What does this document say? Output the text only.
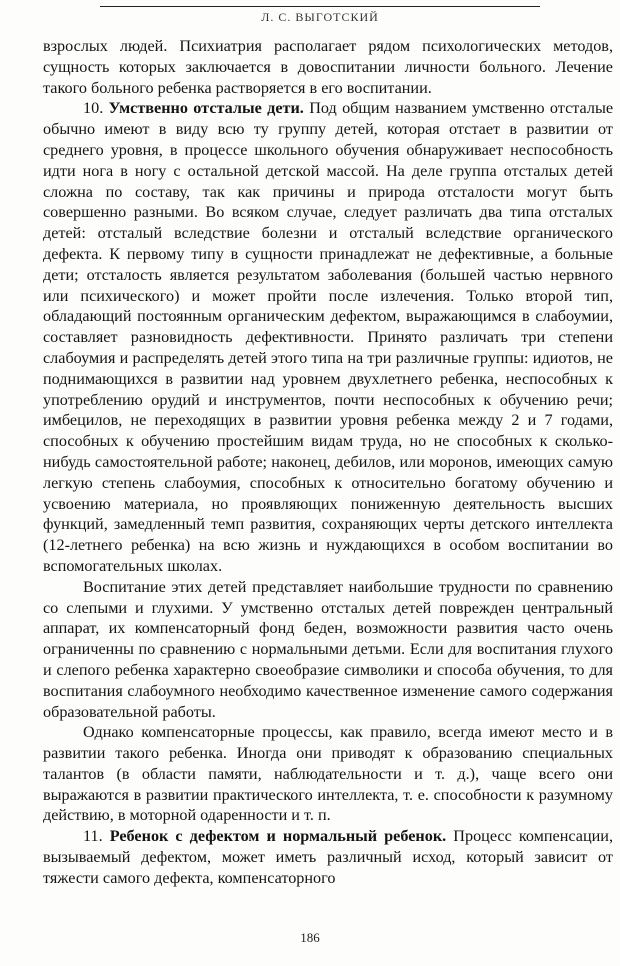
Л. С. ВЫГОТСКИЙ

взрослых людей. Психиатрия располагает рядом психологических методов, сущность которых заключается в довоспитании личности больного. Лечение такого больного ребенка растворяется в его воспитании.

10. Умственно отсталые дети. Под общим названием умственно отсталые обычно имеют в виду всю ту группу детей, которая отстает в развитии от среднего уровня, в процессе школьного обучения обнаруживает неспособность идти нога в ногу с остальной детской массой. На деле группа отсталых детей сложна по составу, так как причины и природа отсталости могут быть совершенно разными. Во всяком случае, следует различать два типа отсталых детей: отсталый вследствие болезни и отсталый вследствие органического дефекта. К первому типу в сущности принадлежат не дефективные, а больные дети; отсталость является результатом заболевания (большей частью нервного или психического) и может пройти после излечения. Только второй тип, обладающий постоянным органическим дефектом, выражающимся в слабоумии, составляет разновидность дефективности. Принято различать три степени слабоумия и распределять детей этого типа на три различные группы: идиотов, не поднимающихся в развитии над уровнем двухлетнего ребенка, неспособных к употреблению орудий и инструментов, почти неспособных к обучению речи; имбецилов, не переходящих в развитии уровня ребенка между 2 и 7 годами, способных к обучению простейшим видам труда, но не способных к сколько-нибудь самостоятельной работе; наконец, дебилов, или моронов, имеющих самую легкую степень слабоумия, способных к относительно богатому обучению и усвоению материала, но проявляющих пониженную деятельность высших функций, замедленный темп развития, сохраняющих черты детского интеллекта (12-летнего ребенка) на всю жизнь и нуждающихся в особом воспитании во вспомогательных школах.

Воспитание этих детей представляет наибольшие трудности по сравнению со слепыми и глухими. У умственно отсталых детей поврежден центральный аппарат, их компенсаторный фонд беден, возможности развития часто очень ограниченны по сравнению с нормальными детьми. Если для воспитания глухого и слепого ребенка характерно своеобразие символики и способа обучения, то для воспитания слабоумного необходимо качественное изменение самого содержания образовательной работы.

Однако компенсаторные процессы, как правило, всегда имеют место и в развитии такого ребенка. Иногда они приводят к образованию специальных талантов (в области памяти, наблюдательности и т. д.), чаще всего они выражаются в развитии практического интеллекта, т. е. способности к разумному действию, в моторной одаренности и т. п.

11. Ребенок с дефектом и нормальный ребенок. Процесс компенсации, вызываемый дефектом, может иметь различный исход, который зависит от тяжести самого дефекта, компенсаторного

186
